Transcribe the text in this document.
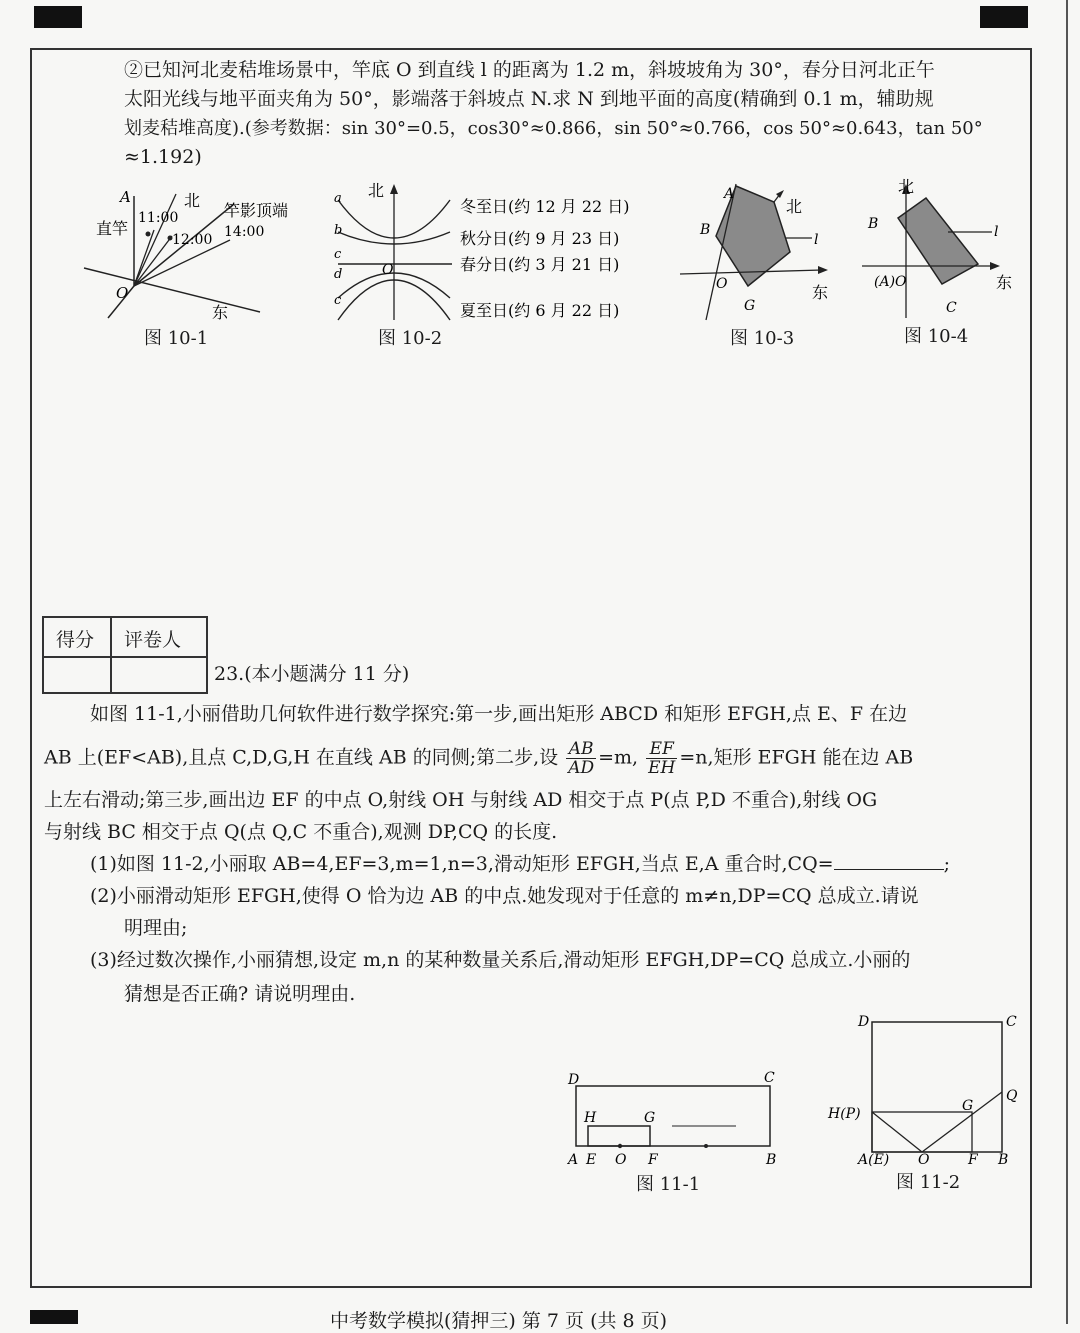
②已知河北麦秸堆场景中，竿底 O 到直线 l 的距离为 1.2 m，斜坡坡角为 30°，春分日河北正午
太阳光线与地平面夹角为 50°，影端落于斜坡点 N.求 N 到地平面的高度(精确到 0.1 m，辅助规
划麦秸堆高度).(参考数据：sin 30°=0.5，cos30°≈0.866，sin 50°≈0.766，cos 50°≈0.643，tan 50°
≈1.192)
A	北
直竿
11:00
12:00
竿影顶端
14:00
O
东
图 10-1
北
a
b
c
d
c
O
冬至日(约 12 月 22 日)
秋分日(约 9 月 23 日)
春分日(约 3 月 21 日)
夏至日(约 6 月 22 日)
图 10-2
A
北
B
l
O
G
东
图 10-3
北
B	l
(A)O
C
东
图 10-4
得分 评卷人
23.(本小题满分 11 分)
如图 11-1,小丽借助几何软件进行数学探究:第一步,画出矩形 ABCD 和矩形 EFGH,点 E、F 在边
AB 上(EF<AB),且点 C,D,G,H 在直线 AB 的同侧;第二步,设 $\frac{AB}{AD} =m$, $\frac{EF}{EH} =n$,矩形 EFGH 能在边 AB
上左右滑动;第三步,画出边 EF 的中点 O,射线 OH 与射线 AD 相交于点 P(点 P,D 不重合),射线 OG
与射线 BC 相交于点 Q(点 Q,C 不重合),观测 DP,CQ 的长度.
(1)如图 11-2,小丽取 AB=4,EF=3,m=1,n=3,滑动矩形 EFGH,当点 E,A 重合时,CQ=	;
(2)小丽滑动矩形 EFGH,使得 O 恰为边 AB 的中点.她发现对于任意的 m≠n,DP=CQ 总成立.请说
明理由;
(3)经过数次操作,小丽猜想,设定 m,n 的某种数量关系后,滑动矩形 EFGH,DP=CQ 总成立.小丽的
猜想是否正确? 请说明理由.
D	C
H	G
A E O F	B
图 11-1
D	C
Q
H(P)	G
A(E) O	F B
图 11-2
中考数学模拟(猜押三) 第 7 页 (共 8 页)
